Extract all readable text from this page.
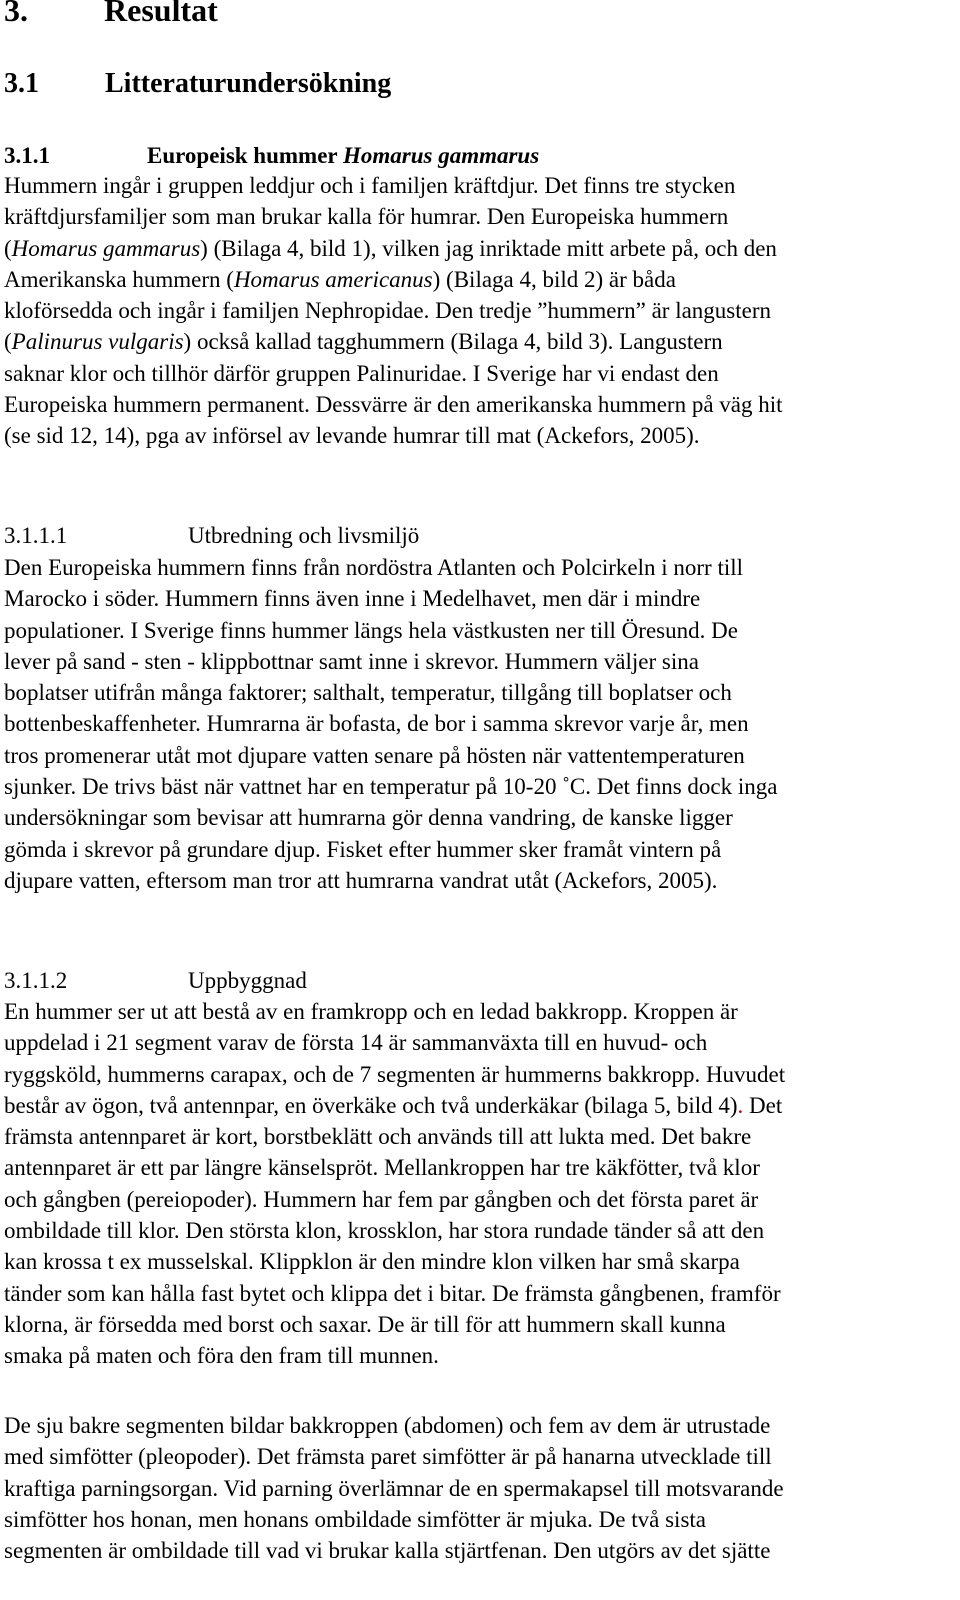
3. Resultat
3.1 Litteraturundersökning
3.1.1	Europeisk hummer Homarus gammarus
Hummern ingår i gruppen leddjur och i familjen kräftdjur. Det finns tre stycken
kräftdjursfamiljer som man brukar kalla för humrar. Den Europeiska hummern
(Homarus gammarus) (Bilaga 4, bild 1), vilken jag inriktade mitt arbete på, och den
Amerikanska hummern (Homarus americanus) (Bilaga 4, bild 2) är båda
kloförsedda och ingår i familjen Nephropidae. Den tredje ”hummern” är langustern
(Palinurus vulgaris) också kallad tagghummern (Bilaga 4, bild 3). Langustern
saknar klor och tillhör därför gruppen Palinuridae. I Sverige har vi endast den
Europeiska hummern permanent. Dessvärre är den amerikanska hummern på väg hit
(se sid 12, 14), pga av införsel av levande humrar till mat (Ackefors, 2005).
3.1.1.1	Utbredning och livsmiljö
Den Europeiska hummern finns från nordöstra Atlanten och Polcirkeln i norr till
Marocko i söder. Hummern finns även inne i Medelhavet, men där i mindre
populationer. I Sverige finns hummer längs hela västkusten ner till Öresund. De
lever på sand - sten - klippbottnar samt inne i skrevor. Hummern väljer sina
boplatser utifrån många faktorer; salthalt, temperatur, tillgång till boplatser och
bottenbeskaffenheter. Humrarna är bofasta, de bor i samma skrevor varje år, men
tros promenerar utåt mot djupare vatten senare på hösten när vattentemperaturen
sjunker. De trivs bäst när vattnet har en temperatur på 10-20 ˚C. Det finns dock inga
undersökningar som bevisar att humrarna gör denna vandring, de kanske ligger
gömda i skrevor på grundare djup. Fisket efter hummer sker framåt vintern på
djupare vatten, eftersom man tror att humrarna vandrat utåt (Ackefors, 2005).
3.1.1.2	Uppbyggnad
En hummer ser ut att bestå av en framkropp och en ledad bakkropp. Kroppen är
uppdelad i 21 segment varav de första 14 är sammanväxta till en huvud- och
ryggsköld, hummerns carapax, och de 7 segmenten är hummerns bakkropp. Huvudet
består av ögon, två antennpar, en överkäke och två underkäkar (bilaga 5, bild 4). Det
främsta antennparet är kort, borstbeklätt och används till att lukta med. Det bakre
antennparet är ett par längre känselspröt. Mellankroppen har tre käkfötter, två klor
och gångben (pereiopoder). Hummern har fem par gångben och det första paret är
ombildade till klor. Den största klon, krossklon, har stora rundade tänder så att den
kan krossa t ex musselskal. Klippklon är den mindre klon vilken har små skarpa
tänder som kan hålla fast bytet och klippa det i bitar. De främsta gångbenen, framför
klorna, är försedda med borst och saxar. De är till för att hummern skall kunna
smaka på maten och föra den fram till munnen.
De sju bakre segmenten bildar bakkroppen (abdomen) och fem av dem är utrustade
med simfötter (pleopoder). Det främsta paret simfötter är på hanarna utvecklade till
kraftiga parningsorgan. Vid parning överlämnar de en spermakapsel till motsvarande
simfötter hos honan, men honans ombildade simfötter är mjuka. De två sista
segmenten är ombildade till vad vi brukar kalla stjärtfenan. Den utgörs av det sjätte
